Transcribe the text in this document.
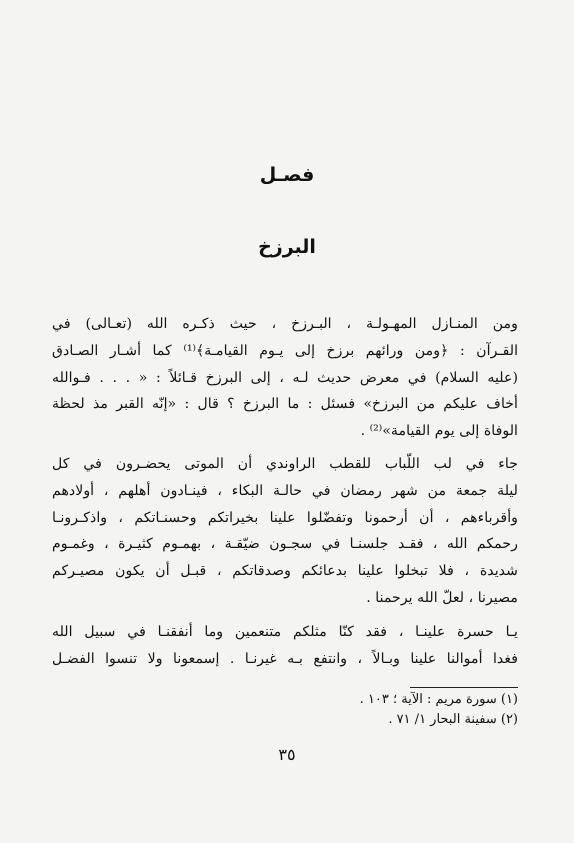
فصـل
البرزخ
ومن المنـازل المهـولـة ، البـرزخ ، حيث ذكـره الله (تعـالى) في
القـرآن : ﴿ومن ورائهم برزخ إلى يـوم القيامـة﴾⁽¹⁾ كما أشـار الصـادق
(عليه السلام) في معرض حديث لـه ، إلى البرزخ قـائلاً : « . . . فـوالله
أخاف عليكم من البرزخ» فسئل : ما البرزخ ؟ قال : «إنّه القبر مذ لحظة
الوفاة إلى يوم القيامة»⁽²⁾ .
جاء في لب اللّباب للقطب الراوندي أن الموتى يحضـرون في كل
ليلة جمعة من شهر رمضان في حالـة البكاء ، فينـادون أهلهم ، أولادهم
وأقرباءهم ، أن أرحمونا وتفضّلوا علينا بخيراتكم وحسنـاتكم ، واذكـرونـا
رحمكم الله ، فقـد جلسنـا في سجـون ضيّقـة ، بهمـوم كثيـرة ، وغمـوم
شديدة ، فلا تبخلوا علينا بدعائكم وصدقاتكم ، قبـل أن يكون مصيـركم
مصيرنا ، لعلّ الله يرحمنا .
يـا حسرة علينـا ، فقد كنّا مثلكم متنعمين وما أنفقنـا في سبيل الله
فغدا أموالنا علينا وبـالاً ، وانتفع بـه غيرنـا . إسمعونا ولا تنسوا الفضـل
(١) سورة مريم : الآية ؛ ١٠٣ .
(٢) سفينة البحار ١/ ٧١ .
٣٥
